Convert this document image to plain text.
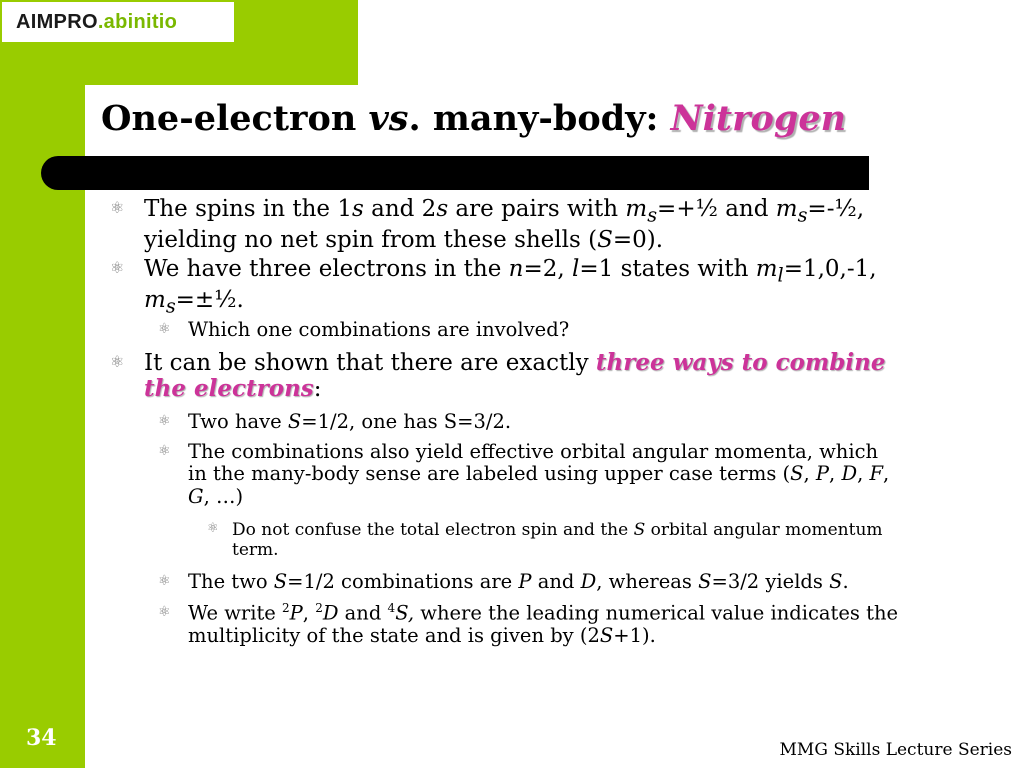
AIMPRO .abinitio
One-electron vs. many-body: Nitrogen
⚛ The spins in the 1s and 2s are pairs with $m_s=+\frac{1}{2}$ and $m_s=-\frac{1}{2}$,
yielding no net spin from these shells (S=0).
⚛ We have three electrons in the n=2, l=1 states with $m_l=1,0,-1$,
$m_s=\pm\frac{1}{2}$.
⚛ Which one combinations are involved?
⚛ It can be shown that there are exactly three ways to combine
the electrons:
⚛ Two have S=1/2, one has S=3/2.
⚛ The combinations also yield effective orbital angular momenta, which
in the many-body sense are labeled using upper case terms (S, P, D, F,
G, …)
⚛ Do not confuse the total electron spin and the S orbital angular momentum
term.
⚛ The two S=1/2 combinations are P and D, whereas S=3/2 yields S.
⚛ We write $^2$P, $^2$D and $^4$S, where the leading numerical value indicates the
multiplicity of the state and is given by (2S+1).
34	MMG Skills Lecture Series
